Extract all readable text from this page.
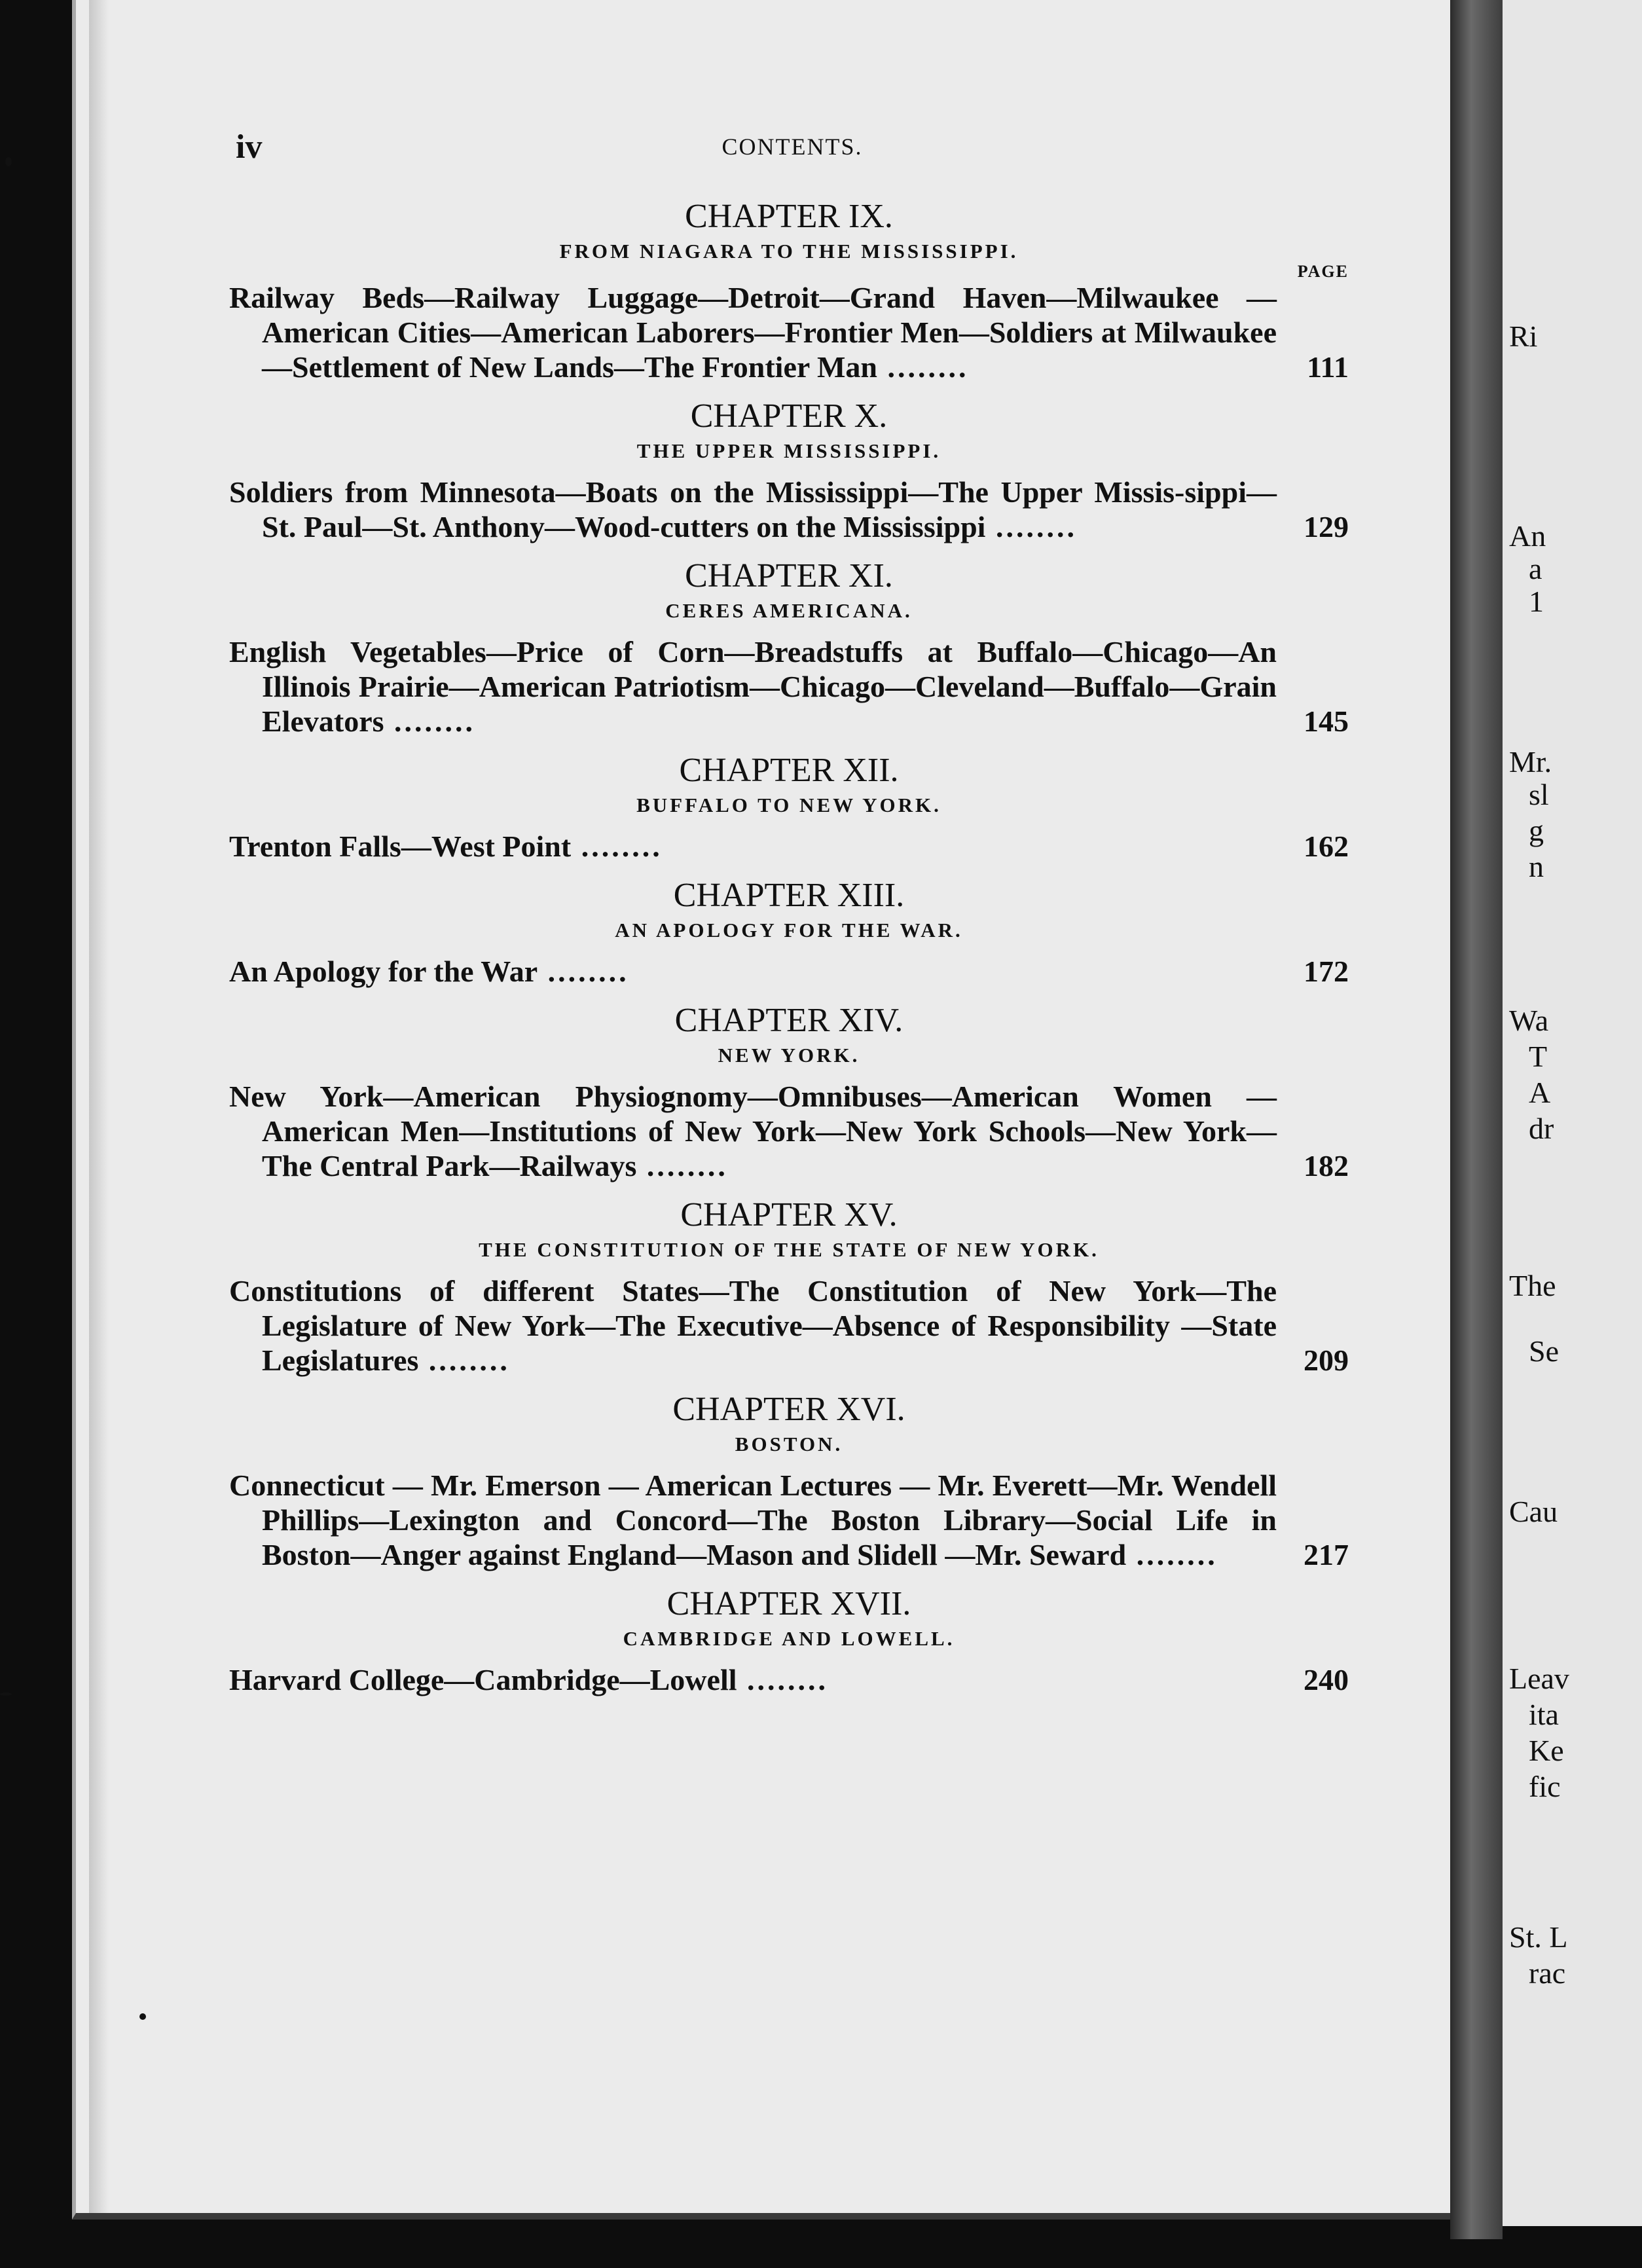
Ri
An
a
1
Mr.
sl
g
n
Wa
T
A
dr
The
Se
Cau
Leav
ita
Ke
fic
St. L
rac
iv	CONTENTS.
CHAPTER IX.
FROM NIAGARA TO THE MISSISSIPPI.
PAGE
Railway Beds—Railway Luggage—Detroit—Grand Haven—Milwaukee —American Cities—American Laborers—Frontier Men—Soldiers at Milwaukee—Settlement of New Lands—The Frontier Man ........	111
CHAPTER X.
THE UPPER MISSISSIPPI.
Soldiers from Minnesota—Boats on the Mississippi—The Upper Missis-sippi—St. Paul—St. Anthony—Wood-cutters on the Mississippi ........	129
CHAPTER XI.
CERES AMERICANA.
English Vegetables—Price of Corn—Breadstuffs at Buffalo—Chicago—An Illinois Prairie—American Patriotism—Chicago—Cleveland—Buffalo—Grain Elevators ........	145
CHAPTER XII.
BUFFALO TO NEW YORK.
Trenton Falls—West Point ........	162
CHAPTER XIII.
AN APOLOGY FOR THE WAR.
An Apology for the War ........	172
CHAPTER XIV.
NEW YORK.
New York—American Physiognomy—Omnibuses—American Women —American Men—Institutions of New York—New York Schools—New York—The Central Park—Railways ........	182
CHAPTER XV.
THE CONSTITUTION OF THE STATE OF NEW YORK.
Constitutions of different States—The Constitution of New York—The Legislature of New York—The Executive—Absence of Responsibility —State Legislatures ........	209
CHAPTER XVI.
BOSTON.
Connecticut — Mr. Emerson — American Lectures — Mr. Everett—Mr. Wendell Phillips—Lexington and Concord—The Boston Library—Social Life in Boston—Anger against England—Mason and Slidell —Mr. Seward ........	217
CHAPTER XVII.
CAMBRIDGE AND LOWELL.
Harvard College—Cambridge—Lowell ........	240
